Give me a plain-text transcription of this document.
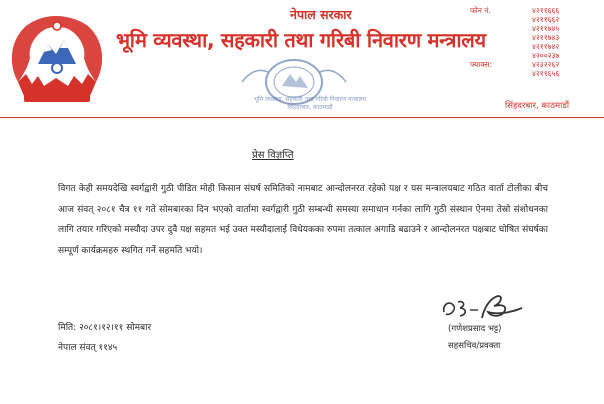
नेपाल सरकार
भूमि व्यवस्था, सहकारी तथा गरिबी निवारण मन्त्रालय
भूमि व्यवस्था, सहकारी तथा गरिबी निवारण मन्त्रालय सिंहदरबार, काठमाडौं
फोन नं.	४२११६६६
४२११६६२
४२११७४५
४२११७४३
४२११७४२
४२००२३७
फ्याक्स:	४२३२२६२
४२११६५६
सिंहदरबार, काठमाडौं
प्रेस विज्ञप्ति
विगत केही समयदेखि स्वर्गद्वारी गुठी पीडित मोही किसान संघर्ष समितिको नामबाट आन्दोलनरत रहेको पक्ष र यस मन्त्रालयबाट गठित वार्ता टोलीका बीच आज संवत् २०८१ चैत्र ११ गते सोमबारका दिन भएको वार्तामा स्वर्गद्वारी गुठी सम्बन्धी समस्या समाधान गर्नका लागि गुठी संस्थान ऐनमा तेस्रो संशोधनका लागि तयार गरिएको मस्यौदा उपर दुवै पक्ष सहमत भई उक्त मस्यौदालाई विधेयकका रुपमा तत्काल अगाडि बढाउने र आन्दोलनरत पक्षबाट घोषित संघर्षका सम्पूर्ण कार्यक्रमहरु स्थगित गर्ने सहमति भयो।
मिति: २०८१।१२।११ सोमबार
नेपाल संवत् ११४५
(गणेशप्रसाद भट्ट)
सहसचिव/प्रवक्ता
